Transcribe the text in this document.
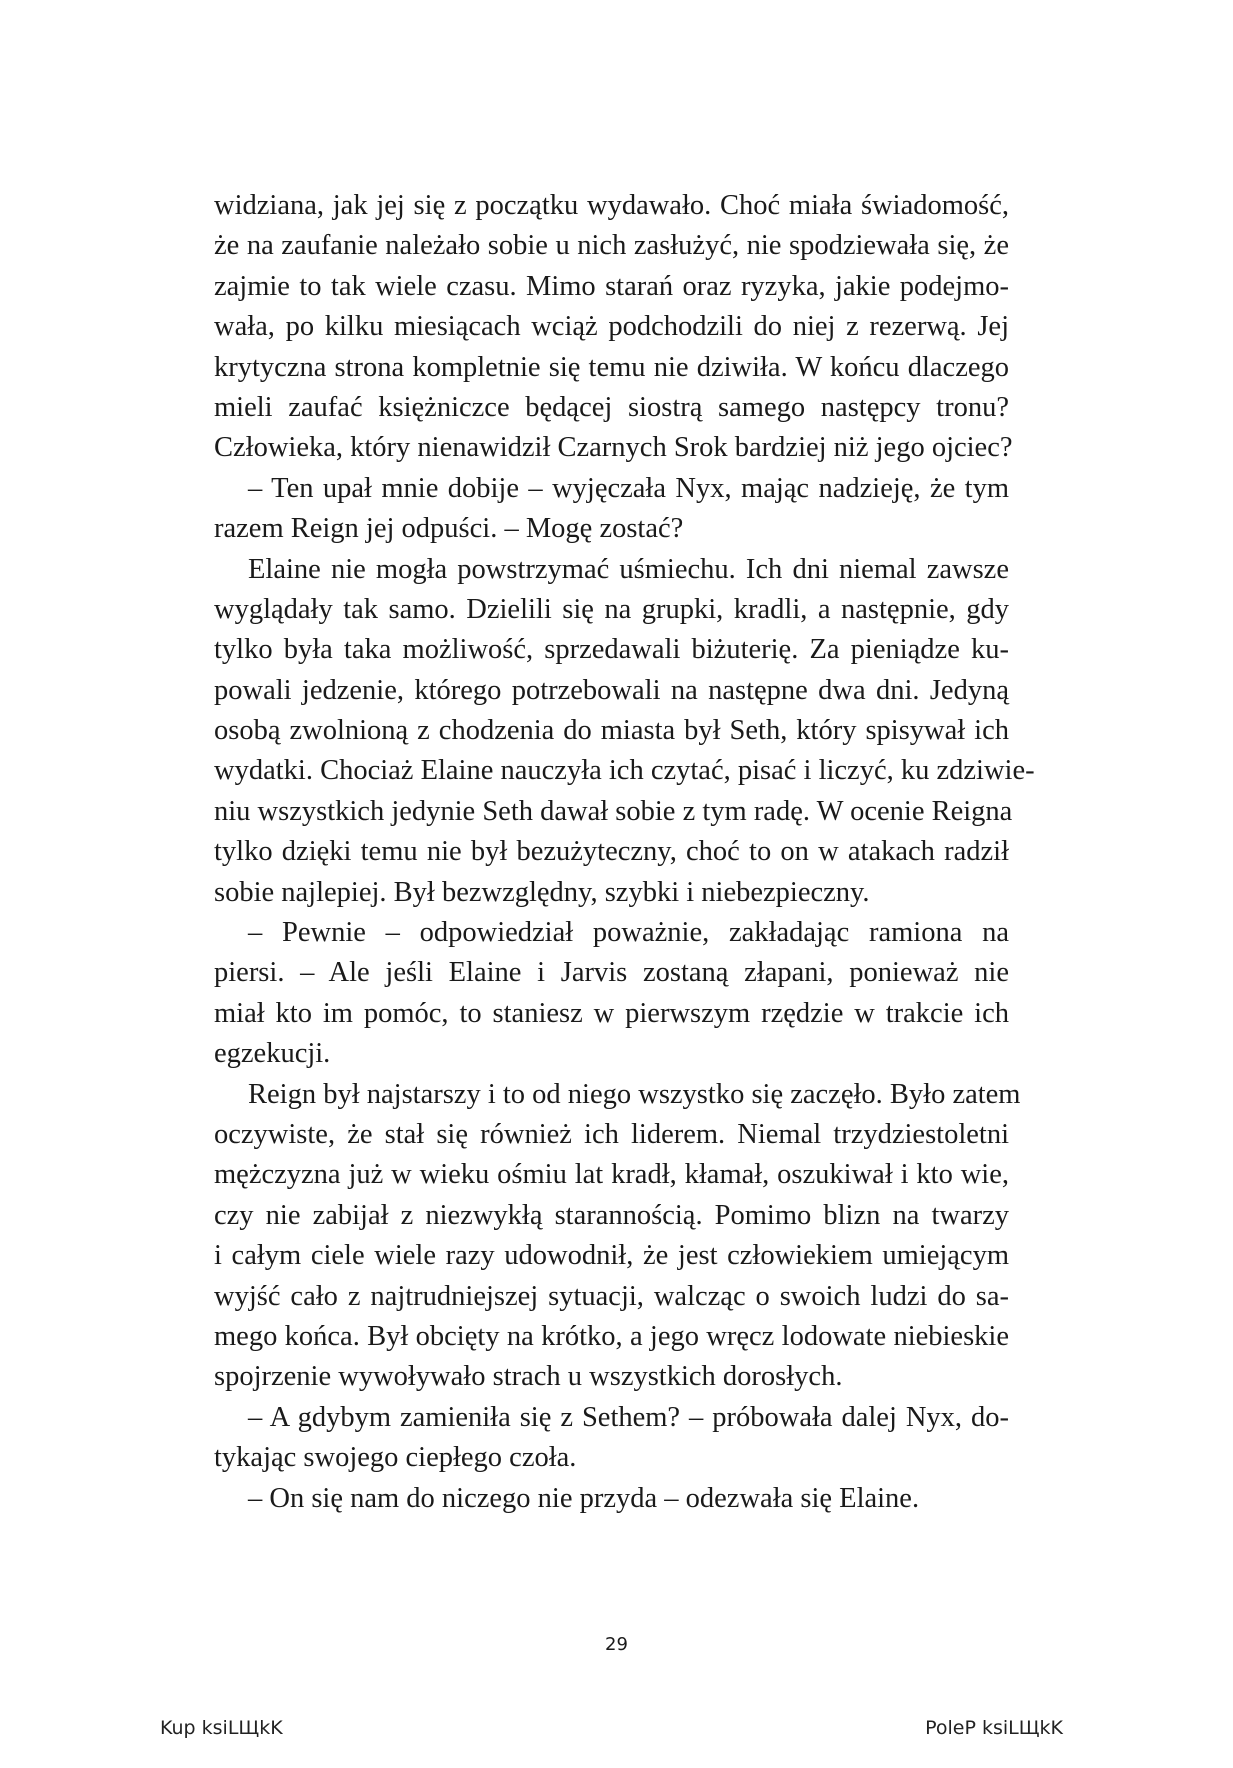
widziana, jak jej się z początku wydawało. Choć miała świadomość,
że na zaufanie należało sobie u nich zasłużyć, nie spodziewała się, że
zajmie to tak wiele czasu. Mimo starań oraz ryzyka, jakie podejmo-
wała, po kilku miesiącach wciąż podchodzili do niej z rezerwą. Jej
krytyczna strona kompletnie się temu nie dziwiła. W końcu dlaczego
mieli zaufać księżniczce będącej siostrą samego następcy tronu?
Człowieka, który nienawidził Czarnych Srok bardziej niż jego ojciec?
– Ten upał mnie dobije – wyjęczała Nyx, mając nadzieję, że tym
razem Reign jej odpuści. – Mogę zostać?
Elaine nie mogła powstrzymać uśmiechu. Ich dni niemal zawsze
wyglądały tak samo. Dzielili się na grupki, kradli, a następnie, gdy
tylko była taka możliwość, sprzedawali biżuterię. Za pieniądze ku-
powali jedzenie, którego potrzebowali na następne dwa dni. Jedyną
osobą zwolnioną z chodzenia do miasta był Seth, który spisywał ich
wydatki. Chociaż Elaine nauczyła ich czytać, pisać i liczyć, ku zdziwie-
niu wszystkich jedynie Seth dawał sobie z tym radę. W ocenie Reigna
tylko dzięki temu nie był bezużyteczny, choć to on w atakach radził
sobie najlepiej. Był bezwzględny, szybki i niebezpieczny.
– Pewnie – odpowiedział poważnie, zakładając ramiona na
piersi. – Ale jeśli Elaine i Jarvis zostaną złapani, ponieważ nie
miał kto im pomóc, to staniesz w pierwszym rzędzie w trakcie ich
egzekucji.
Reign był najstarszy i to od niego wszystko się zaczęło. Było zatem
oczywiste, że stał się również ich liderem. Niemal trzydziestoletni
mężczyzna już w wieku ośmiu lat kradł, kłamał, oszukiwał i kto wie,
czy nie zabijał z niezwykłą starannością. Pomimo blizn na twarzy
i całym ciele wiele razy udowodnił, że jest człowiekiem umiejącym
wyjść cało z najtrudniejszej sytuacji, walcząc o swoich ludzi do sa-
mego końca. Był obcięty na krótko, a jego wręcz lodowate niebieskie
spojrzenie wywoływało strach u wszystkich dorosłych.
– A gdybym zamieniła się z Sethem? – próbowała dalej Nyx, do-
tykając swojego ciepłego czoła.
– On się nam do niczego nie przyda – odezwała się Elaine.
29
Kup ksiLЩkK	PoleP ksiLЩkK
